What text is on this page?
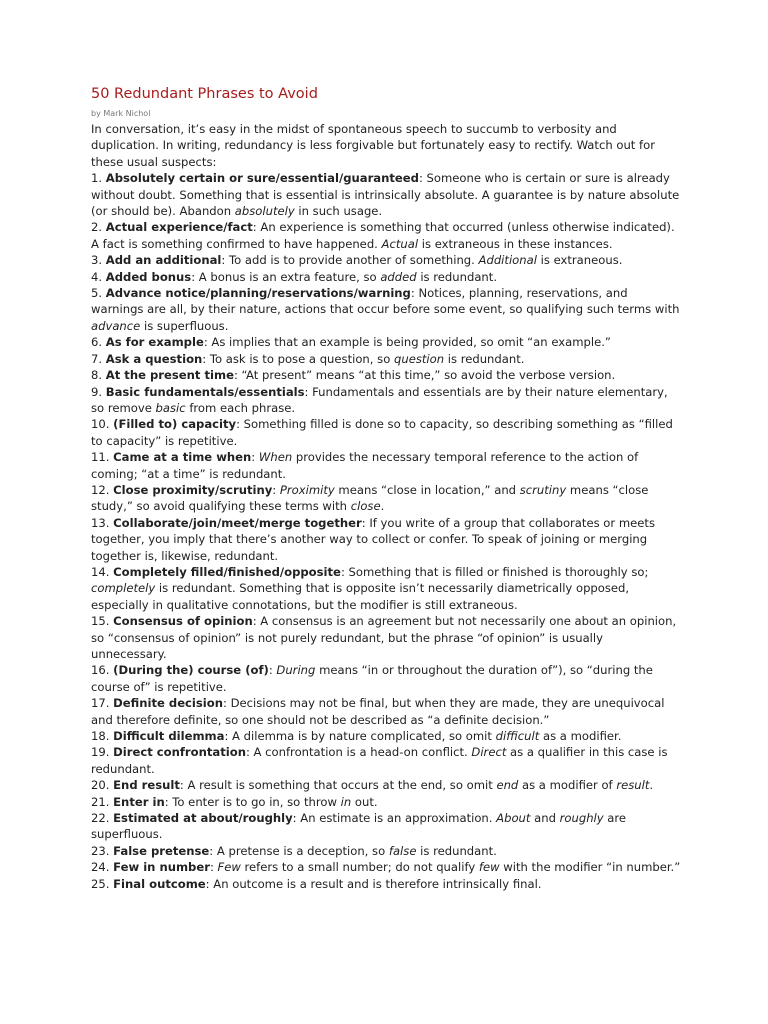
50 Redundant Phrases to Avoid
by Mark Nichol

In conversation, it’s easy in the midst of spontaneous speech to succumb to verbosity and duplication. In writing, redundancy is less forgivable but fortunately easy to rectify. Watch out for these usual suspects:

1. Absolutely certain or sure/essential/guaranteed: Someone who is certain or sure is already without doubt. Something that is essential is intrinsically absolute. A guarantee is by nature absolute (or should be). Abandon absolutely in such usage.

2. Actual experience/fact: An experience is something that occurred (unless otherwise indicated). A fact is something confirmed to have happened. Actual is extraneous in these instances.

3. Add an additional: To add is to provide another of something. Additional is extraneous.

4. Added bonus: A bonus is an extra feature, so added is redundant.

5. Advance notice/planning/reservations/warning: Notices, planning, reservations, and warnings are all, by their nature, actions that occur before some event, so qualifying such terms with advance is superfluous.

6. As for example: As implies that an example is being provided, so omit “an example.”

7. Ask a question: To ask is to pose a question, so question is redundant.

8. At the present time: “At present” means “at this time,” so avoid the verbose version.

9. Basic fundamentals/essentials: Fundamentals and essentials are by their nature elementary, so remove basic from each phrase.

10. (Filled to) capacity: Something filled is done so to capacity, so describing something as “filled to capacity” is repetitive.

11. Came at a time when: When provides the necessary temporal reference to the action of coming; “at a time” is redundant.

12. Close proximity/scrutiny: Proximity means “close in location,” and scrutiny means “close study,” so avoid qualifying these terms with close.

13. Collaborate/join/meet/merge together: If you write of a group that collaborates or meets together, you imply that there’s another way to collect or confer. To speak of joining or merging together is, likewise, redundant.

14. Completely filled/finished/opposite: Something that is filled or finished is thoroughly so; completely is redundant. Something that is opposite isn’t necessarily diametrically opposed, especially in qualitative connotations, but the modifier is still extraneous.

15. Consensus of opinion: A consensus is an agreement but not necessarily one about an opinion, so “consensus of opinion” is not purely redundant, but the phrase “of opinion” is usually unnecessary.

16. (During the) course (of): During means “in or throughout the duration of”), so “during the course of” is repetitive.

17. Definite decision: Decisions may not be final, but when they are made, they are unequivocal and therefore definite, so one should not be described as “a definite decision.”

18. Difficult dilemma: A dilemma is by nature complicated, so omit difficult as a modifier.

19. Direct confrontation: A confrontation is a head-on conflict. Direct as a qualifier in this case is redundant.

20. End result: A result is something that occurs at the end, so omit end as a modifier of result.

21. Enter in: To enter is to go in, so throw in out.

22. Estimated at about/roughly: An estimate is an approximation. About and roughly are superfluous.

23. False pretense: A pretense is a deception, so false is redundant.

24. Few in number: Few refers to a small number; do not qualify few with the modifier “in number.”

25. Final outcome: An outcome is a result and is therefore intrinsically final.
